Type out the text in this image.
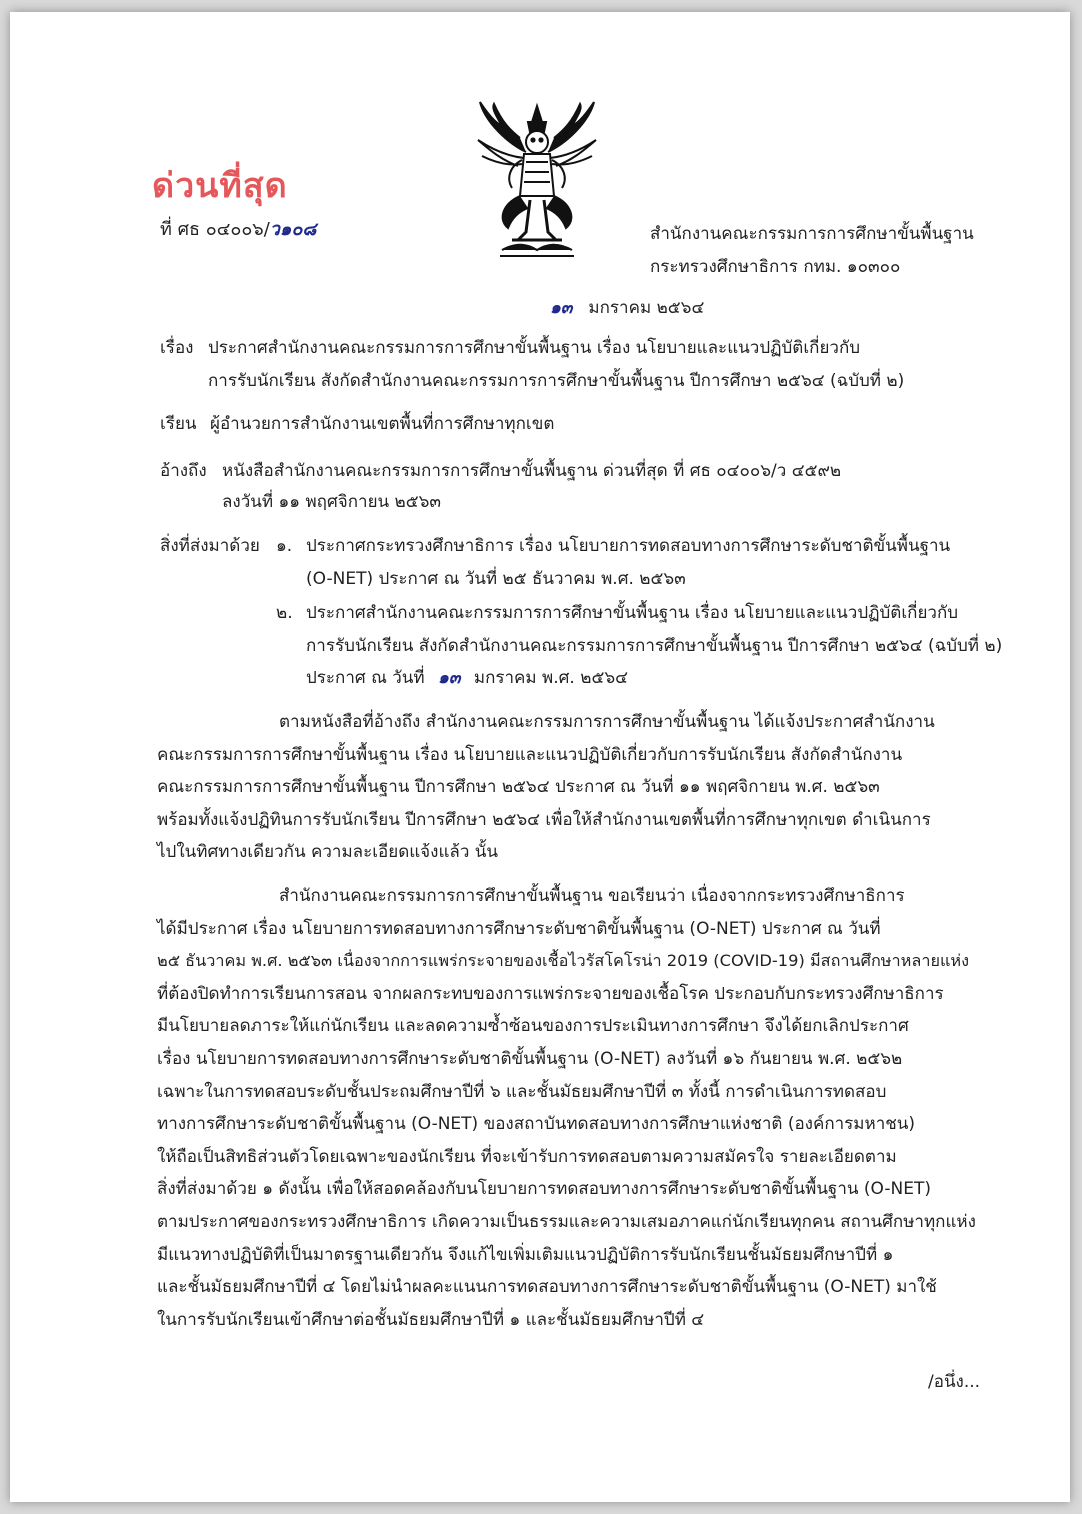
ด่วนที่สุด
ที่ ศธ ๐๔๐๐๖/ว๑๐๘	สำนักงานคณะกรรมการการศึกษาขั้นพื้นฐาน
กระทรวงศึกษาธิการ กทม. ๑๐๓๐๐
๑๓ มกราคม ๒๕๖๔
เรื่อง ประกาศสำนักงานคณะกรรมการการศึกษาขั้นพื้นฐาน เรื่อง นโยบายและแนวปฏิบัติเกี่ยวกับ
การรับนักเรียน สังกัดสำนักงานคณะกรรมการการศึกษาขั้นพื้นฐาน ปีการศึกษา ๒๕๖๔ (ฉบับที่ ๒)
เรียน ผู้อำนวยการสำนักงานเขตพื้นที่การศึกษาทุกเขต
อ้างถึง หนังสือสำนักงานคณะกรรมการการศึกษาขั้นพื้นฐาน ด่วนที่สุด ที่ ศธ ๐๔๐๐๖/ว ๔๕๙๒
ลงวันที่ ๑๑ พฤศจิกายน ๒๕๖๓
สิ่งที่ส่งมาด้วย ๑. ประกาศกระทรวงศึกษาธิการ เรื่อง นโยบายการทดสอบทางการศึกษาระดับชาติขั้นพื้นฐาน
(O-NET) ประกาศ ณ วันที่ ๒๕ ธันวาคม พ.ศ. ๒๕๖๓
๒. ประกาศสำนักงานคณะกรรมการการศึกษาขั้นพื้นฐาน เรื่อง นโยบายและแนวปฏิบัติเกี่ยวกับ
การรับนักเรียน สังกัดสำนักงานคณะกรรมการการศึกษาขั้นพื้นฐาน ปีการศึกษา ๒๕๖๔ (ฉบับที่ ๒)
ประกาศ ณ วันที่ ๑๓ มกราคม พ.ศ. ๒๕๖๔
ตามหนังสือที่อ้างถึง สำนักงานคณะกรรมการการศึกษาขั้นพื้นฐาน ได้แจ้งประกาศสำนักงาน
คณะกรรมการการศึกษาขั้นพื้นฐาน เรื่อง นโยบายและแนวปฏิบัติเกี่ยวกับการรับนักเรียน สังกัดสำนักงาน
คณะกรรมการการศึกษาขั้นพื้นฐาน ปีการศึกษา ๒๕๖๔ ประกาศ ณ วันที่ ๑๑ พฤศจิกายน พ.ศ. ๒๕๖๓
พร้อมทั้งแจ้งปฏิทินการรับนักเรียน ปีการศึกษา ๒๕๖๔ เพื่อให้สำนักงานเขตพื้นที่การศึกษาทุกเขต ดำเนินการ
ไปในทิศทางเดียวกัน ความละเอียดแจ้งแล้ว นั้น
สำนักงานคณะกรรมการการศึกษาขั้นพื้นฐาน ขอเรียนว่า เนื่องจากกระทรวงศึกษาธิการ
ได้มีประกาศ เรื่อง นโยบายการทดสอบทางการศึกษาระดับชาติขั้นพื้นฐาน (O-NET) ประกาศ ณ วันที่
๒๕ ธันวาคม พ.ศ. ๒๕๖๓ เนื่องจากการแพร่กระจายของเชื้อไวรัสโคโรน่า 2019 (COVID-19) มีสถานศึกษาหลายแห่ง
ที่ต้องปิดทำการเรียนการสอน จากผลกระทบของการแพร่กระจายของเชื้อโรค ประกอบกับกระทรวงศึกษาธิการ
มีนโยบายลดภาระให้แก่นักเรียน และลดความซ้ำซ้อนของการประเมินทางการศึกษา จึงได้ยกเลิกประกาศ
เรื่อง นโยบายการทดสอบทางการศึกษาระดับชาติขั้นพื้นฐาน (O-NET) ลงวันที่ ๑๖ กันยายน พ.ศ. ๒๕๖๒
เฉพาะในการทดสอบระดับชั้นประถมศึกษาปีที่ ๖ และชั้นมัธยมศึกษาปีที่ ๓ ทั้งนี้ การดำเนินการทดสอบ
ทางการศึกษาระดับชาติขั้นพื้นฐาน (O-NET) ของสถาบันทดสอบทางการศึกษาแห่งชาติ (องค์การมหาชน)
ให้ถือเป็นสิทธิส่วนตัวโดยเฉพาะของนักเรียน ที่จะเข้ารับการทดสอบตามความสมัครใจ รายละเอียดตาม
สิ่งที่ส่งมาด้วย ๑ ดังนั้น เพื่อให้สอดคล้องกับนโยบายการทดสอบทางการศึกษาระดับชาติขั้นพื้นฐาน (O-NET)
ตามประกาศของกระทรวงศึกษาธิการ เกิดความเป็นธรรมและความเสมอภาคแก่นักเรียนทุกคน สถานศึกษาทุกแห่ง
มีแนวทางปฏิบัติที่เป็นมาตรฐานเดียวกัน จึงแก้ไขเพิ่มเติมแนวปฏิบัติการรับนักเรียนชั้นมัธยมศึกษาปีที่ ๑
และชั้นมัธยมศึกษาปีที่ ๔ โดยไม่นำผลคะแนนการทดสอบทางการศึกษาระดับชาติขั้นพื้นฐาน (O-NET) มาใช้
ในการรับนักเรียนเข้าศึกษาต่อชั้นมัธยมศึกษาปีที่ ๑ และชั้นมัธยมศึกษาปีที่ ๔
/อนึ่ง...
